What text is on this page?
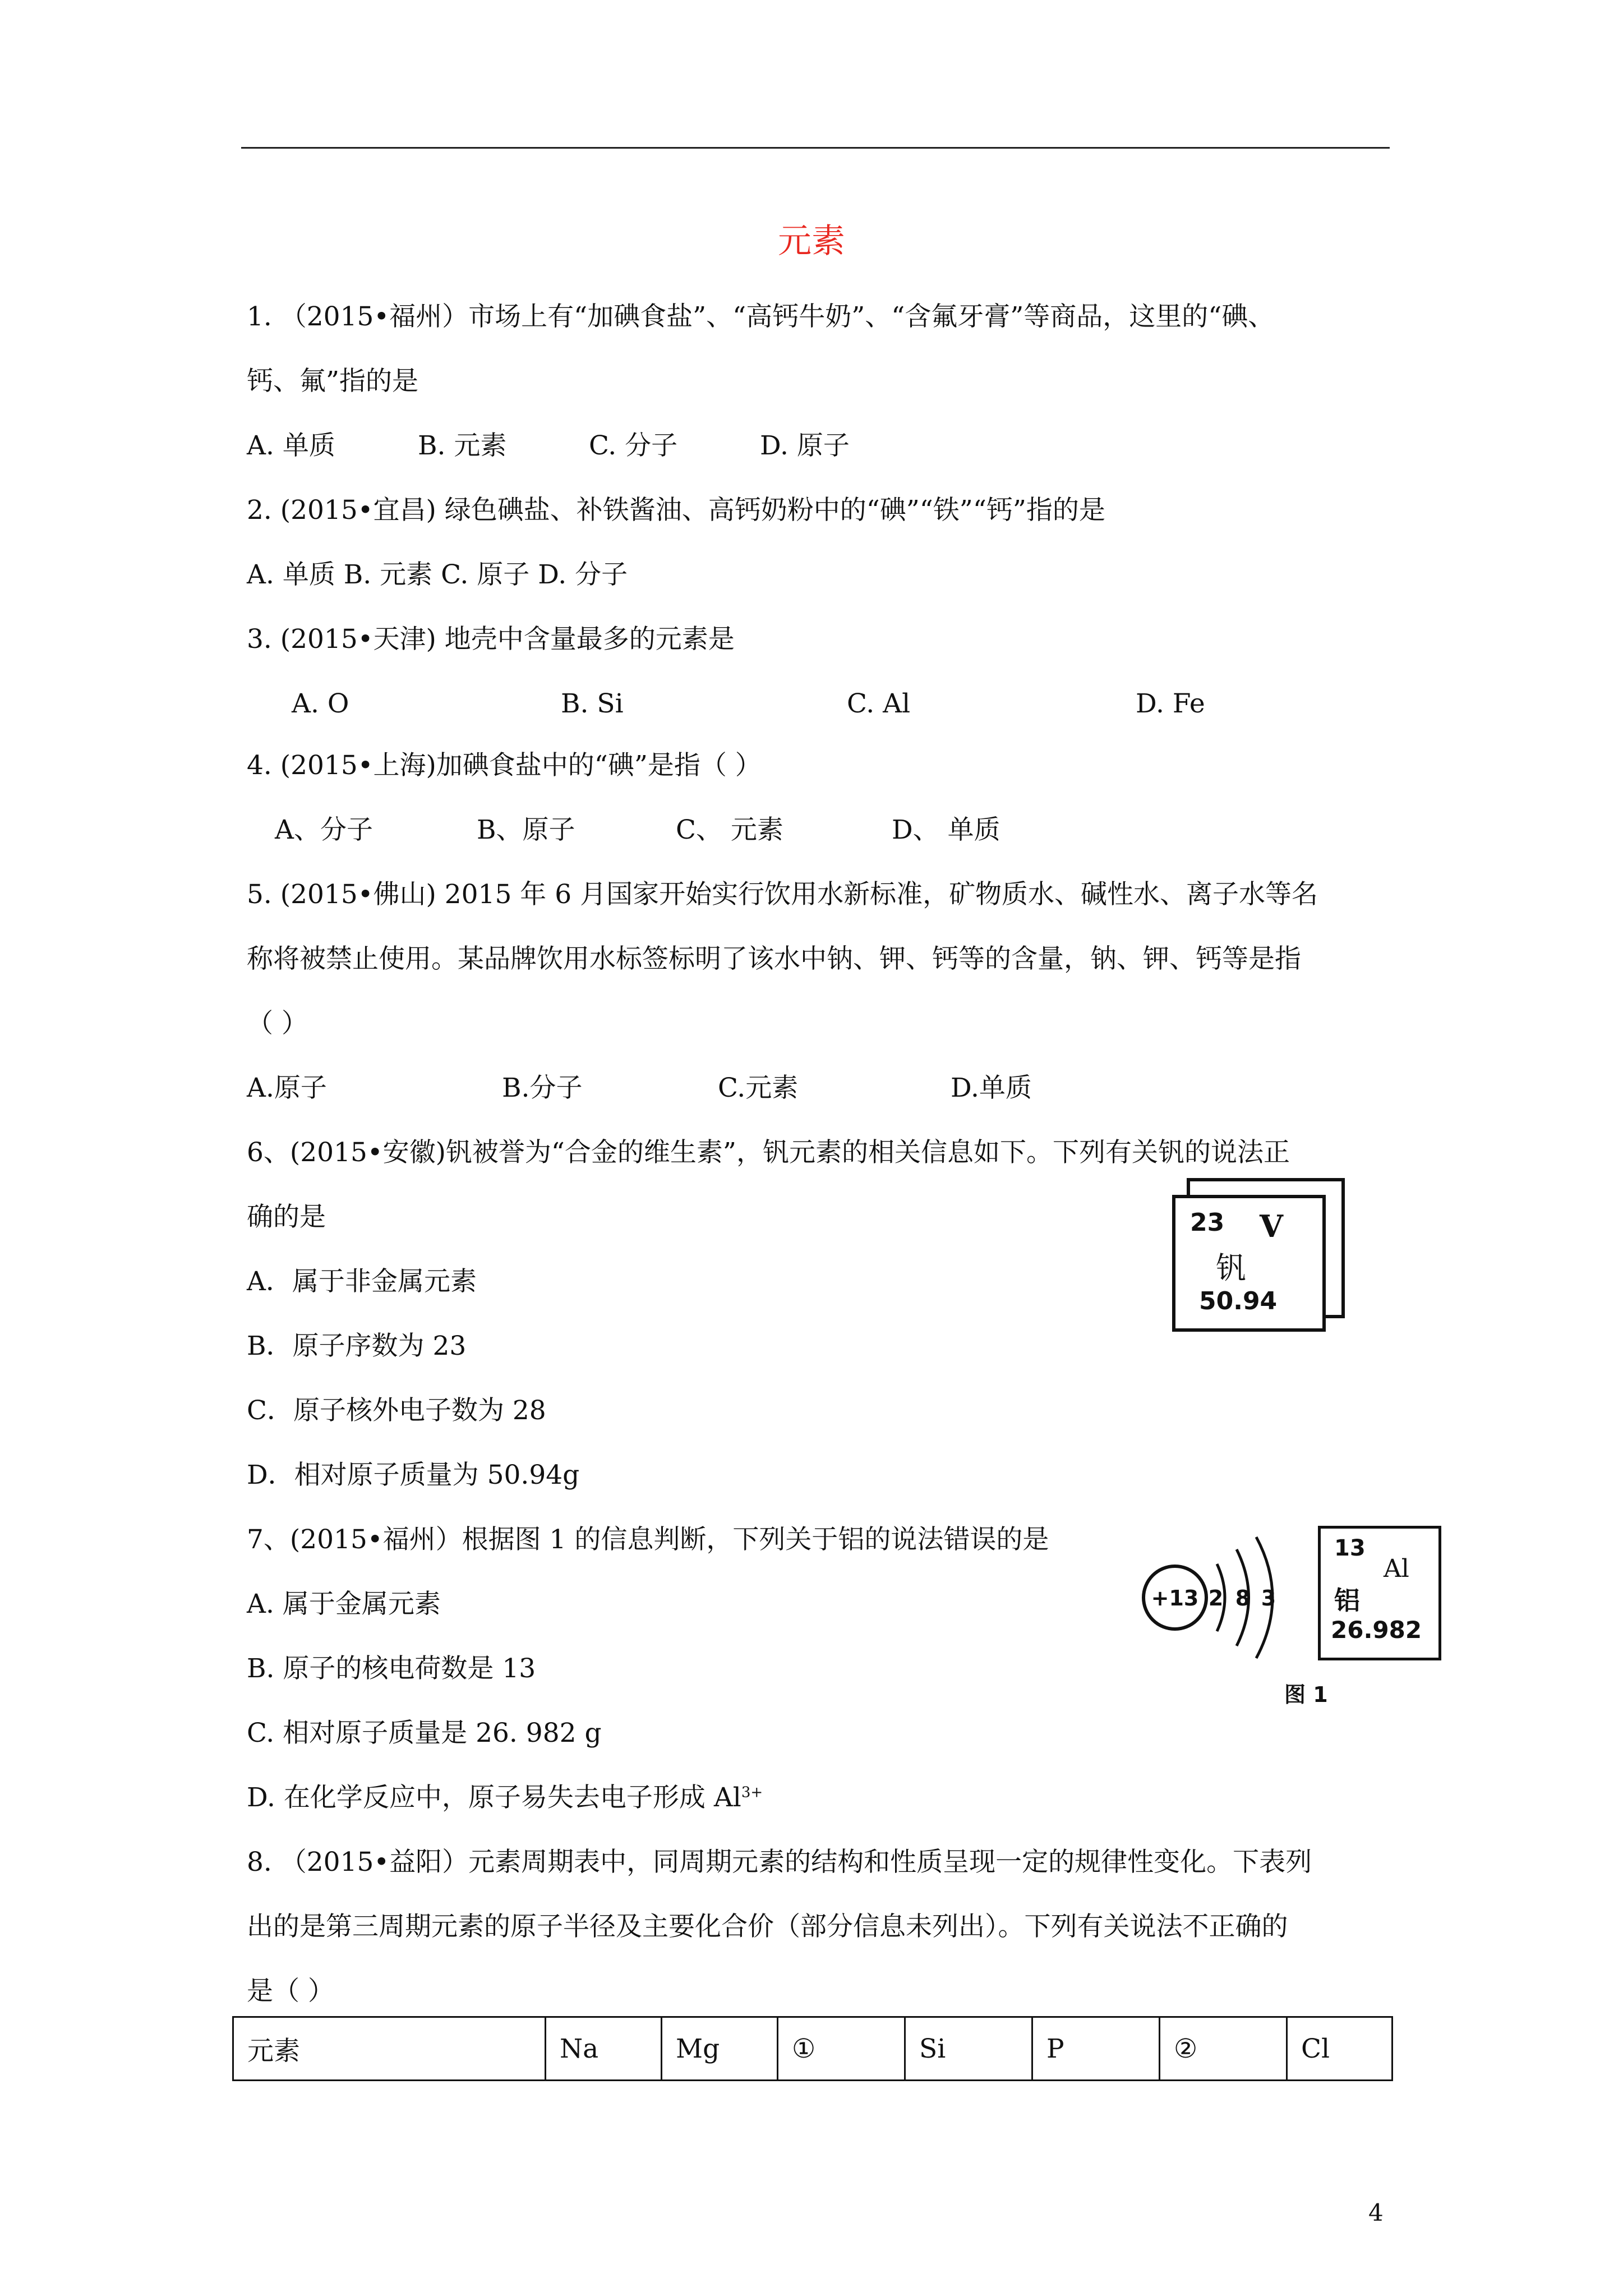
元素
1. （2015•福州）市场上有“加碘食盐”、“高钙牛奶”、“含氟牙膏”等商品，这里的“碘、
钙、氟”指的是
A. 单质	B. 元素	C. 分子	D. 原子
2. (2015•宜昌) 绿色碘盐、补铁酱油、高钙奶粉中的“碘”“铁”“钙”指的是
A. 单质 B. 元素 C. 原子 D. 分子
3. (2015•天津) 地壳中含量最多的元素是
A. O	B. Si	C. Al	D. Fe
4. (2015•上海)加碘食盐中的“碘”是指（ ）
A、分子	B、原子	C、 元素	D、 单质
5. (2015•佛山) 2015 年 6 月国家开始实行饮用水新标准，矿物质水、碱性水、离子水等名
称将被禁止使用。某品牌饮用水标签标明了该水中钠、钾、钙等的含量，钠、钾、钙等是指
（ ）
A.原子	B.分子	C.元素	D.单质
6、(2015•安徽)钒被誉为“合金的维生素”，钒元素的相关信息如下。下列有关钒的说法正
确的是
A．属于非金属元素
B．原子序数为 23
C．原子核外电子数为 28
D．相对原子质量为 50.94g
23 V
钒
50.94
7、(2015•福州）根据图 1 的信息判断，下列关于铝的说法错误的是
A. 属于金属元素
B. 原子的核电荷数是 13
C. 相对原子质量是 26. 982 g
D. 在化学反应中，原子易失去电子形成 $Al^{3+}$
+13 2 8 3
13
Al
铝
26.982
图 1
8. （2015•益阳）元素周期表中，同周期元素的结构和性质呈现一定的规律性变化。下表列
出的是第三周期元素的原子半径及主要化合价（部分信息未列出）。下列有关说法不正确的
是（ ）
元素	Na	Mg	①	Si	P	②	Cl
4
